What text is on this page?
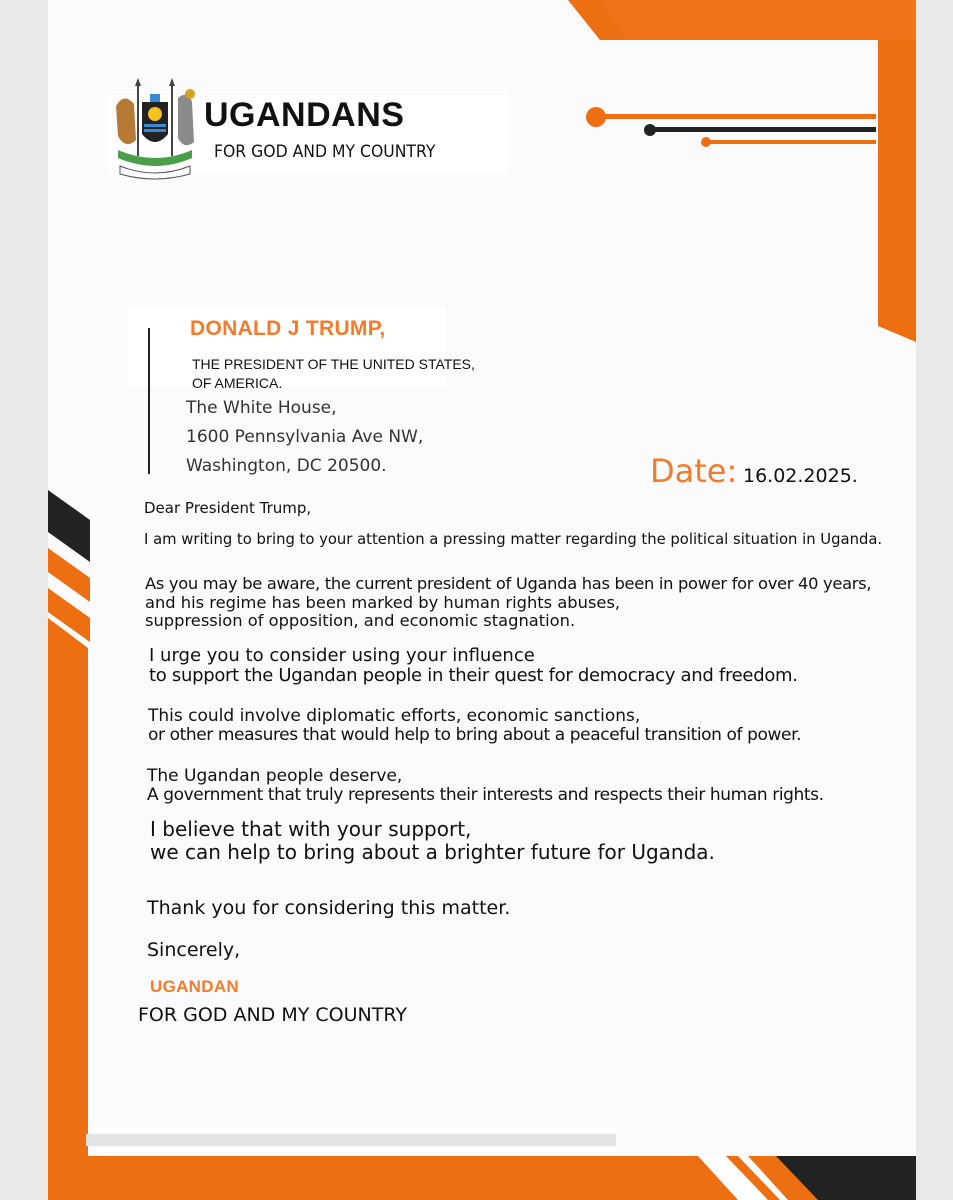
UGANDANS

FOR GOD AND MY COUNTRY

DONALD J TRUMP,

THE PRESIDENT OF THE UNITED STATES,

OF AMERICA.

The White House,

1600 Pennsylvania Ave NW,

Washington, DC 20500.	Date: 16.02.2025.

Dear President Trump,

I am writing to bring to your attention a pressing matter regarding the political situation in Uganda.

As you may be aware, the current president of Uganda has been in power for over 40 years,

and his regime has been marked by human rights abuses,

suppression of opposition, and economic stagnation.

I urge you to consider using your influence

to support the Ugandan people in their quest for democracy and freedom.

This could involve diplomatic efforts, economic sanctions,

or other measures that would help to bring about a peaceful transition of power.

The Ugandan people deserve,

A government that truly represents their interests and respects their human rights.

I believe that with your support,

we can help to bring about a brighter future for Uganda.

Thank you for considering this matter.

Sincerely,

UGANDAN

FOR GOD AND MY COUNTRY
